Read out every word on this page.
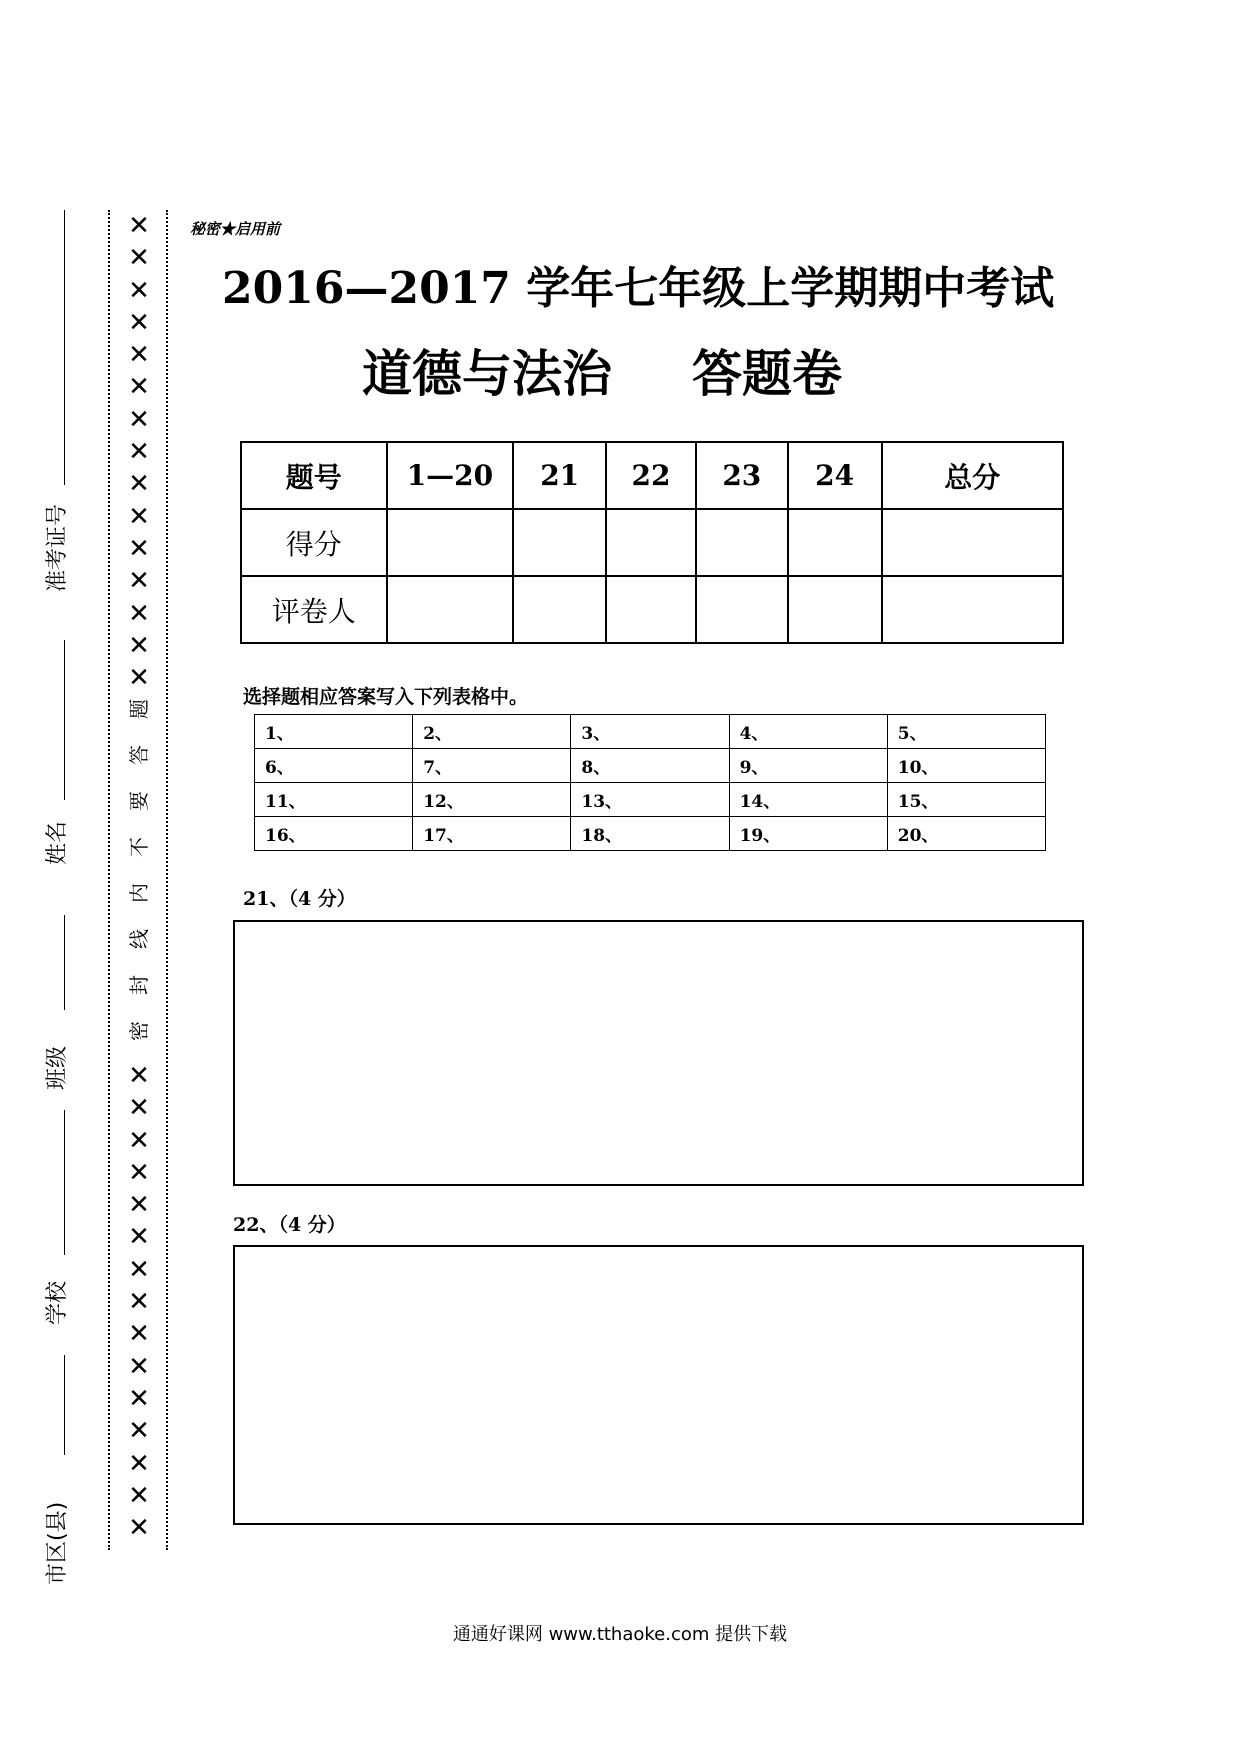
准考证号
姓名
班级
学校
市区(县)
✕
✕
✕
✕
✕
✕
✕
✕
✕
✕
✕
✕
✕
✕
✕
题
答
要
不
内
线
封
密
✕
✕
✕
✕
✕
✕
✕
✕
✕
✕
✕
✕
✕
✕
✕
秘密★启用前
2016—2017 学年七年级上学期期中考试
道德与法治 答题卷
题号	1—20	21	22	23	24	总分
得分						
评卷人						
选择题相应答案写入下列表格中。
1、	2、	3、	4、	5、
6、	7、	8、	9、	10、
11、	12、	13、	14、	15、
16、	17、	18、	19、	20、
21、（4 分）
22、（4 分）
通通好课网 www.tthaoke.com 提供下载
